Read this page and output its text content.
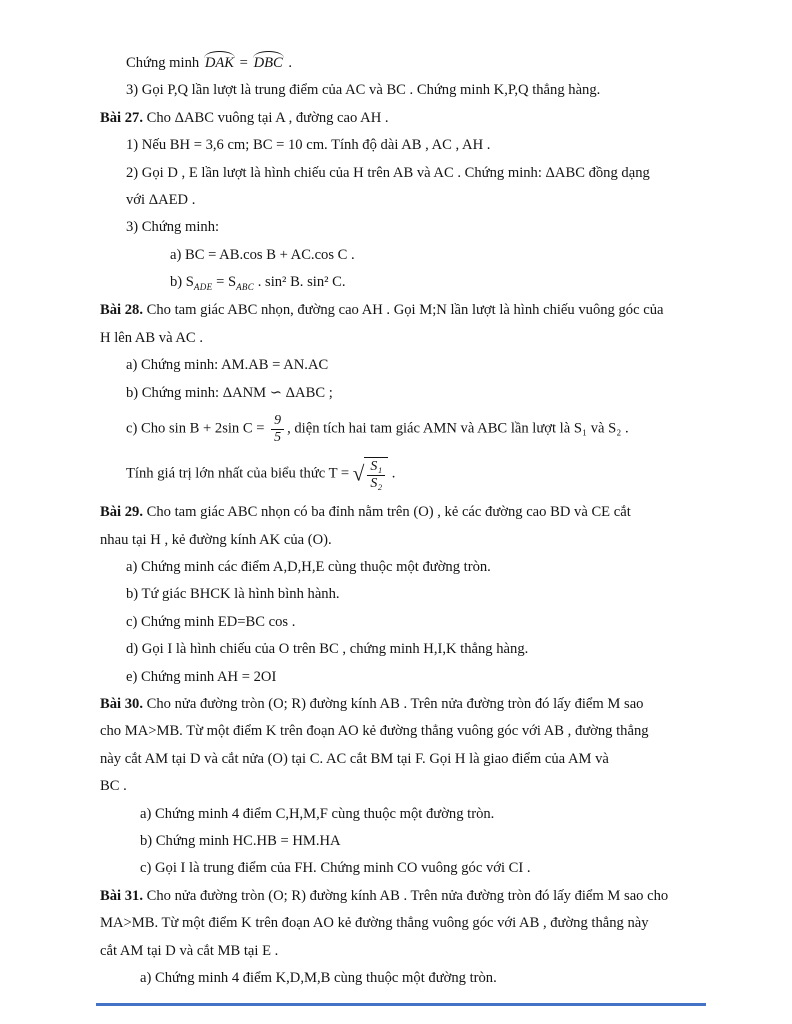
Chứng minh DAK = DBC .
3) Gọi P,Q lần lượt là trung điểm của AC và BC . Chứng minh K,P,Q thẳng hàng.
Bài 27. Cho ΔABC vuông tại A , đường cao AH .
1) Nếu BH = 3,6 cm; BC = 10 cm. Tính độ dài AB , AC , AH .
2) Gọi D , E lần lượt là hình chiếu của H trên AB và AC . Chứng minh: ΔABC đồng dạng
với ΔAED .
3) Chứng minh:
a) BC = AB.cos B + AC.cos C .
b) $S_{ADE} = S_{ABC}$ . sin² B. sin² C.
Bài 28. Cho tam giác ABC nhọn, đường cao AH . Gọi M;N lần lượt là hình chiếu vuông góc của
H lên AB và AC .
a) Chứng minh: AM.AB = AN.AC
b) Chứng minh: ΔANM ∽ ΔABC ;
c) Cho sin B + 2sin $C = \frac{9}{5}$ , diện tích hai tam giác AMN và ABC lần lượt là S₁ và S₂ .
Tính giá trị lớn nhất của biểu thức T = √ $\frac{\text{S₁}}{\text{S₂}}$ .
Bài 29. Cho tam giác ABC nhọn có ba đỉnh nằm trên (O) , kẻ các đường cao BD và CE cắt
nhau tại H , kẻ đường kính AK của (O).
a) Chứng minh các điểm A,D,H,E cùng thuộc một đường tròn.
b) Tứ giác BHCK là hình bình hành.
c) Chứng minh ED=BC cos .
d) Gọi I là hình chiếu của O trên BC , chứng minh H,I,K thẳng hàng.
e) Chứng minh AH = 2OI
Bài 30. Cho nửa đường tròn (O; R) đường kính AB . Trên nửa đường tròn đó lấy điểm M sao
cho MA>MB. Từ một điểm K trên đoạn AO kẻ đường thẳng vuông góc với AB , đường thẳng
này cắt AM tại D và cắt nửa (O) tại C. AC cắt BM tại F. Gọi H là giao điểm của AM và
BC .
a) Chứng minh 4 điểm C,H,M,F cùng thuộc một đường tròn.
b) Chứng minh HC.HB = HM.HA
c) Gọi I là trung điểm của FH. Chứng minh CO vuông góc với CI .
Bài 31. Cho nửa đường tròn (O; R) đường kính AB . Trên nửa đường tròn đó lấy điểm M sao cho
MA>MB. Từ một điểm K trên đoạn AO kẻ đường thẳng vuông góc với AB , đường thẳng này
cắt AM tại D và cắt MB tại E .
a) Chứng minh 4 điểm K,D,M,B cùng thuộc một đường tròn.
